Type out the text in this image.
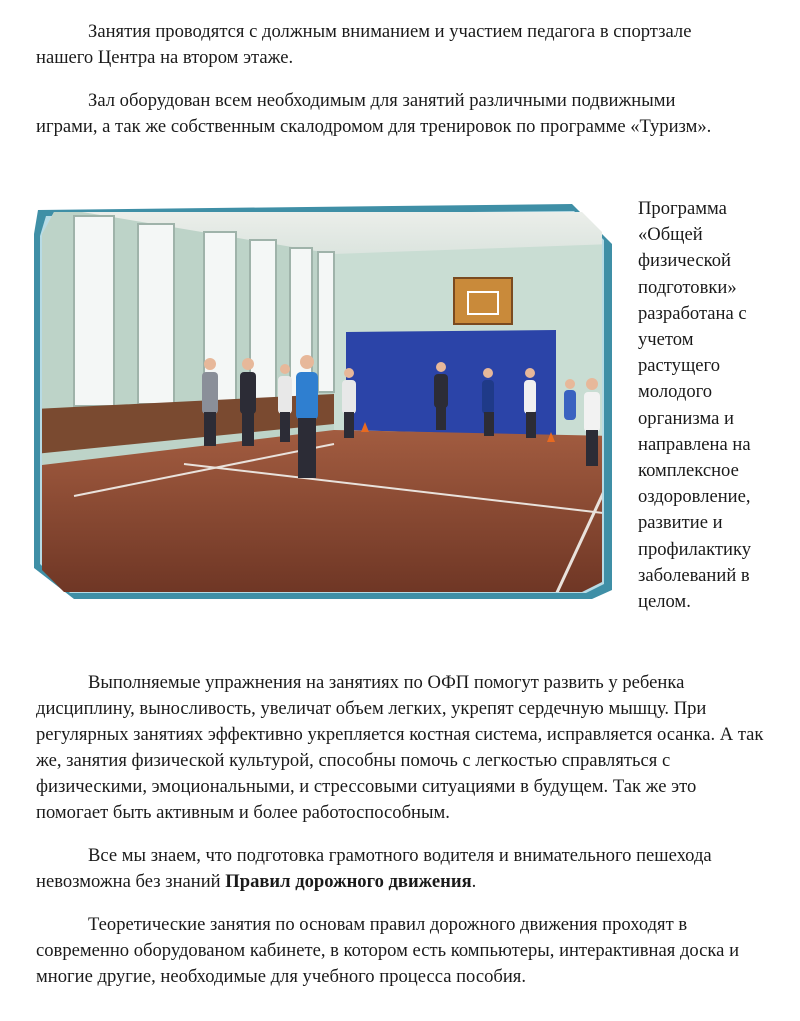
Занятия проводятся с должным вниманием и участием педагога в спортзале
нашего Центра на втором этаже.

Зал оборудован всем необходимым для занятий различными подвижными
играми, а так же собственным скалодромом для тренировок по программе «Туризм».

Программа «Общей физической подготовки» разработана с учетом растущего молодого организма и направлена на комплексное оздоровление, развитие и профилактику заболеваний в целом.

Выполняемые упражнения на занятиях по ОФП помогут развить у ребенка
дисциплину, выносливость, увеличат объем легких, укрепят сердечную мышцу. При регулярных занятиях эффективно укрепляется костная система, исправляется осанка. А так же, занятия физической культурой, способны помочь с легкостью справляться с физическими, эмоциональными, и стрессовыми ситуациями в будущем. Так же это помогает быть активным и более работоспособным.

Все мы знаем, что подготовка грамотного водителя и внимательного пешехода
невозможна без знаний Правил дорожного движения.

Теоретические занятия по основам правил дорожного движения проходят в
современно оборудованом кабинете, в котором есть компьютеры, интерактивная доска и многие другие, необходимые для учебного процесса пособия.
